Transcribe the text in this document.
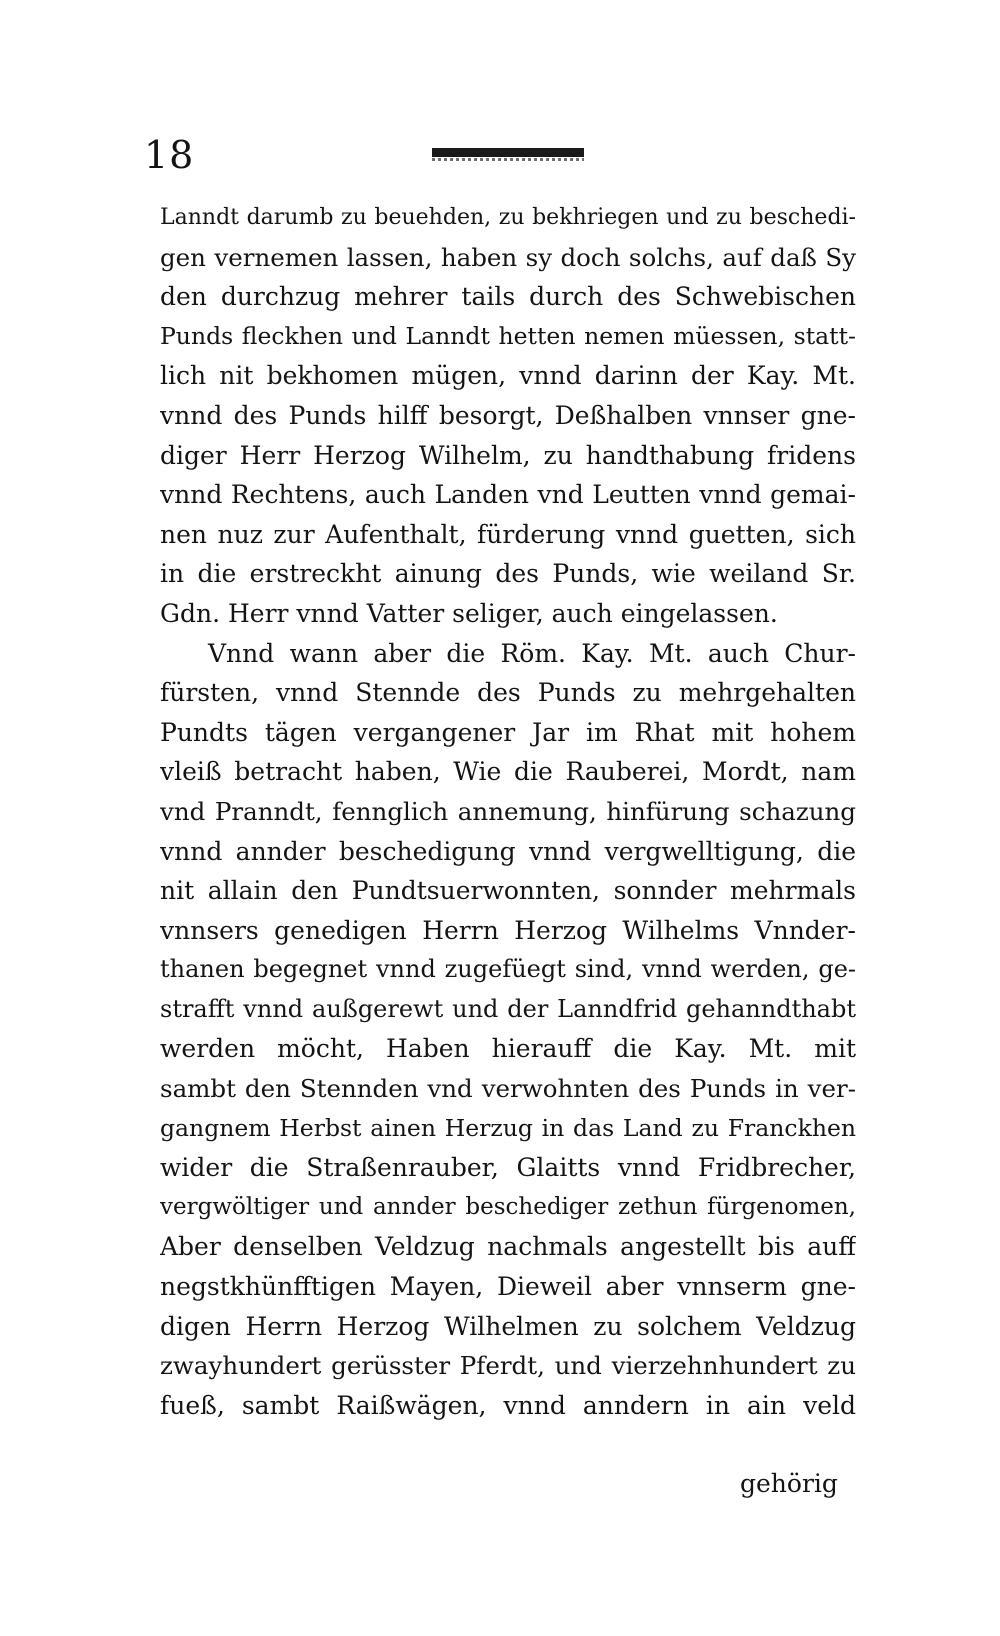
18
Lanndt darumb zu beuehden, zu bekhriegen und zu beschedi-
gen vernemen lassen, haben sy doch solchs, auf daß Sy
den durchzug mehrer tails durch des Schwebischen
Punds fleckhen und Lanndt hetten nemen müessen, statt-
lich nit bekhomen mügen, vnnd darinn der Kay. Mt.
vnnd des Punds hilff besorgt, Deßhalben vnnser gne-
diger Herr Herzog Wilhelm, zu handthabung fridens
vnnd Rechtens, auch Landen vnd Leutten vnnd gemai-
nen nuz zur Aufenthalt, fürderung vnnd guetten, sich
in die erstreckht ainung des Punds, wie weiland Sr.
Gdn. Herr vnnd Vatter seliger, auch eingelassen.
Vnnd wann aber die Röm. Kay. Mt. auch Chur-
fürsten, vnnd Stennde des Punds zu mehrgehalten
Pundts tägen vergangener Jar im Rhat mit hohem
vleiß betracht haben, Wie die Rauberei, Mordt, nam
vnd Pranndt, fennglich annemung, hinfürung schazung
vnnd annder beschedigung vnnd vergwelltigung, die
nit allain den Pundtsuerwonnten, sonnder mehrmals
vnnsers genedigen Herrn Herzog Wilhelms Vnnder-
thanen begegnet vnnd zugefüegt sind, vnnd werden, ge-
strafft vnnd außgerewt und der Lanndfrid gehanndthabt
werden möcht, Haben hierauff die Kay. Mt. mit
sambt den Stennden vnd verwohnten des Punds in ver-
gangnem Herbst ainen Herzug in das Land zu Franckhen
wider die Straßenrauber, Glaitts vnnd Fridbrecher,
vergwöltiger und annder beschediger zethun fürgenomen,
Aber denselben Veldzug nachmals angestellt bis auff
negstkhünfftigen Mayen, Dieweil aber vnnserm gne-
digen Herrn Herzog Wilhelmen zu solchem Veldzug
zwayhundert gerüsster Pferdt, und vierzehnhundert zu
fueß, sambt Raißwägen, vnnd anndern in ain veld
gehörig
